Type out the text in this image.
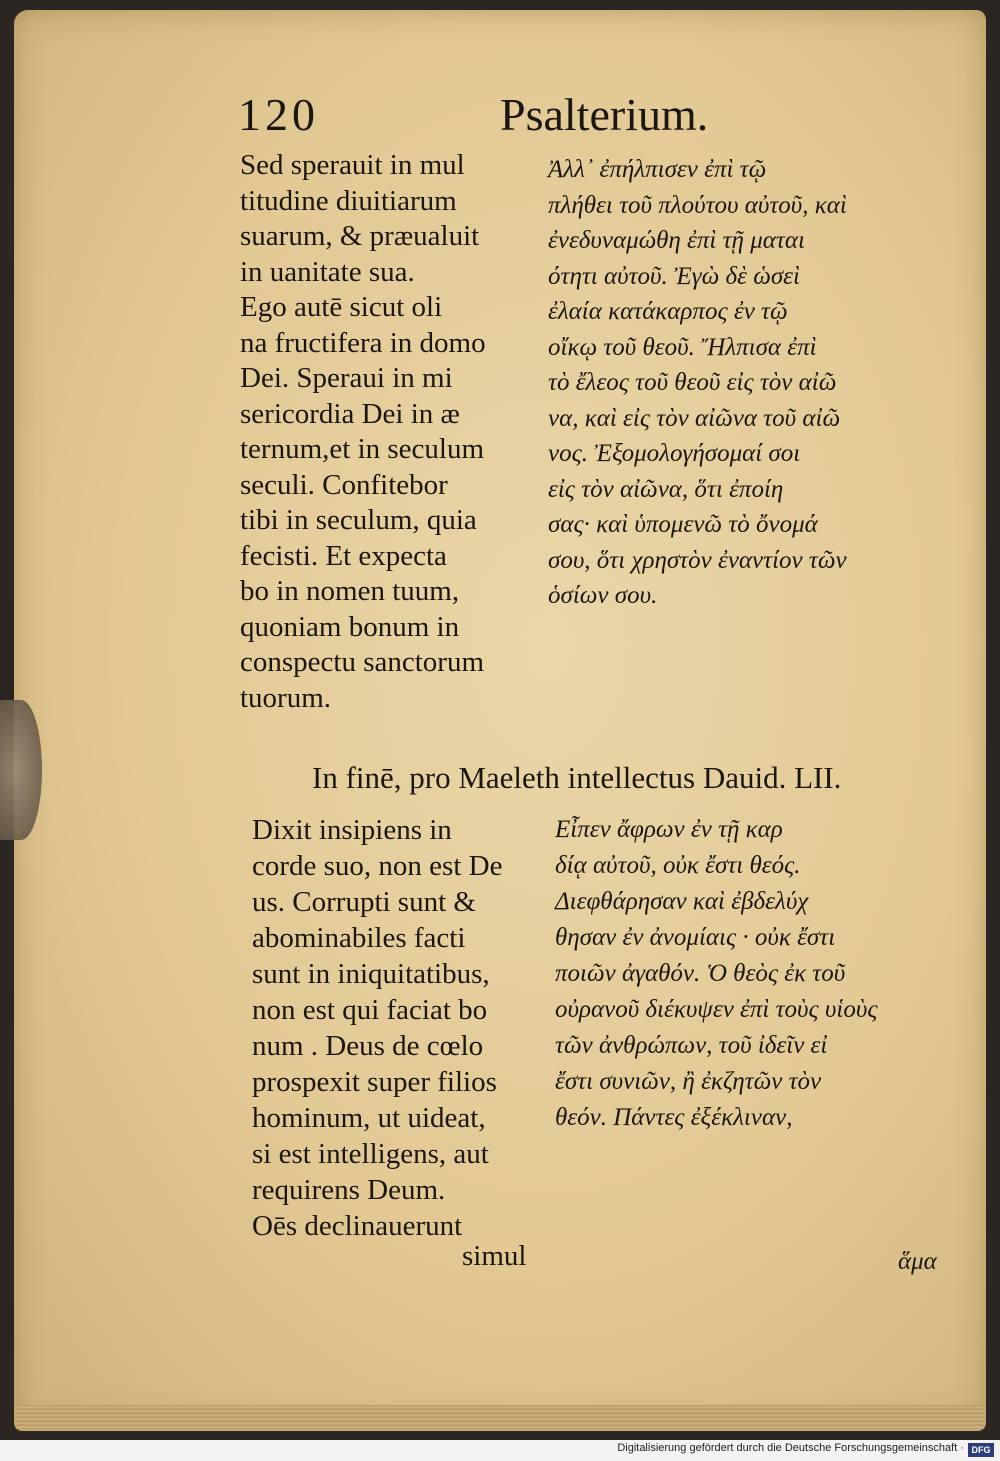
120	Psalterium.
Sed sperauit in mul
titudine diuitiarum
suarum, & præualuit
in uanitate sua.
Ego autē sicut oli
na fructifera in domo
Dei. Speraui in mi
sericordia Dei in æ
ternum,et in seculum
seculi. Confitebor
tibi in seculum, quia
fecisti. Et expecta
bo in nomen tuum,
quoniam bonum in
conspectu sanctorum
tuorum.
Ἀλλ᾽ ἐπήλπισεν ἐπὶ τῷ
πλήθει τοῦ πλούτου αὐτοῦ, καὶ
ἐνεδυναμώθη ἐπὶ τῇ μαται
ότητι αὐτοῦ. Ἐγὼ δὲ ὡσεὶ
ἐλαία κατάκαρπος ἐν τῷ
οἴκῳ τοῦ θεοῦ. Ἤλπισα ἐπὶ
τὸ ἔλεος τοῦ θεοῦ εἰς τὸν αἰῶ
να, καὶ εἰς τὸν αἰῶνα τοῦ αἰῶ
νος. Ἐξομολογήσομαί σοι
εἰς τὸν αἰῶνα, ὅτι ἐποίη
σας· καὶ ὑπομενῶ τὸ ὄνομά
σου, ὅτι χρηστὸν ἐναντίον τῶν
ὁσίων σου.
In finē, pro Maeleth intellectus Dauid. LII.
Dixit insipiens in
corde suo, non est De
us. Corrupti sunt &
abominabiles facti
sunt in iniquitatibus,
non est qui faciat bo
num . Deus de cœlo
prospexit super filios
hominum, ut uideat,
si est intelligens, aut
requirens Deum.
Oēs declinauerunt
Εἶπεν ἄφρων ἐν τῇ καρ
δίᾳ αὐτοῦ, οὐκ ἔστι θεός.
Διεφθάρησαν καὶ ἐβδελύχ
θησαν ἐν ἀνομίαις · οὐκ ἔστι
ποιῶν ἀγαθόν. Ὁ θεὸς ἐκ τοῦ
οὐρανοῦ διέκυψεν ἐπὶ τοὺς υἱοὺς
τῶν ἀνθρώπων, τοῦ ἰδεῖν εἰ
ἔστι συνιῶν, ἢ ἐκζητῶν τὸν
θεόν. Πάντες ἐξέκλιναν,
simul	ἅμα
Digitalisierung gefördert durch die Deutsche Forschungsgemeinschaft · DFG
